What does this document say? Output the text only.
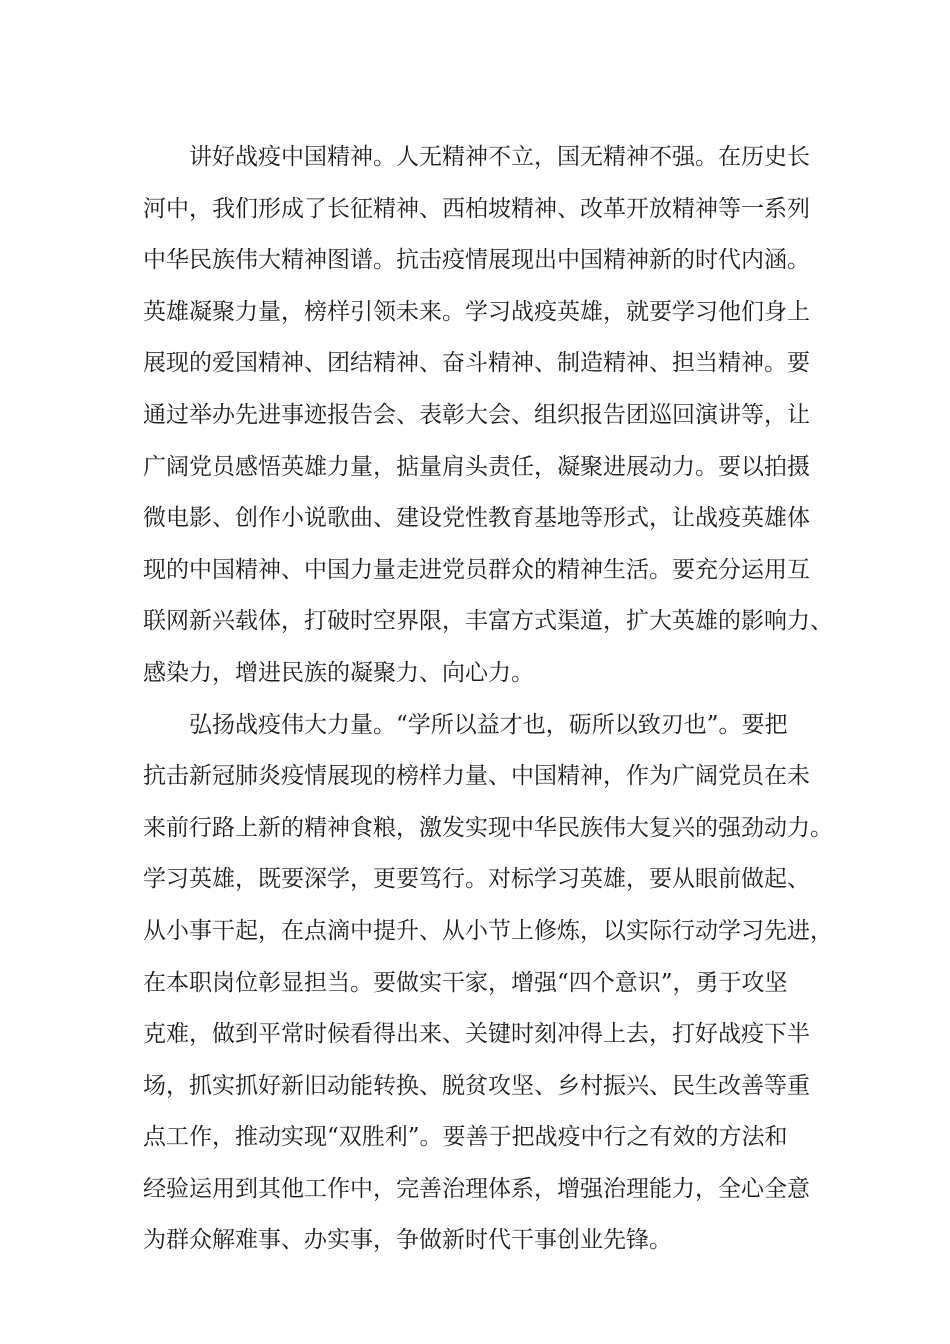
讲好战疫中国精神。人无精神不立，国无精神不强。在历史长
河中，我们形成了长征精神、西柏坡精神、改革开放精神等一系列
中华民族伟大精神图谱。抗击疫情展现出中国精神新的时代内涵。
英雄凝聚力量，榜样引领未来。学习战疫英雄，就要学习他们身上
展现的爱国精神、团结精神、奋斗精神、制造精神、担当精神。要
通过举办先进事迹报告会、表彰大会、组织报告团巡回演讲等，让
广阔党员感悟英雄力量，掂量肩头责任，凝聚进展动力。要以拍摄
微电影、创作小说歌曲、建设党性教育基地等形式，让战疫英雄体
现的中国精神、中国力量走进党员群众的精神生活。要充分运用互
联网新兴载体，打破时空界限，丰富方式渠道，扩大英雄的影响力、
感染力，增进民族的凝聚力、向心力。
弘扬战疫伟大力量。“学所以益才也，砺所以致刃也”。要把
抗击新冠肺炎疫情展现的榜样力量、中国精神，作为广阔党员在未
来前行路上新的精神食粮，激发实现中华民族伟大复兴的强劲动力。
学习英雄，既要深学，更要笃行。对标学习英雄，要从眼前做起、
从小事干起，在点滴中提升、从小节上修炼，以实际行动学习先进，
在本职岗位彰显担当。要做实干家，增强“四个意识”，勇于攻坚
克难，做到平常时候看得出来、关键时刻冲得上去，打好战疫下半
场，抓实抓好新旧动能转换、脱贫攻坚、乡村振兴、民生改善等重
点工作，推动实现“双胜利”。要善于把战疫中行之有效的方法和
经验运用到其他工作中，完善治理体系，增强治理能力，全心全意
为群众解难事、办实事，争做新时代干事创业先锋。
